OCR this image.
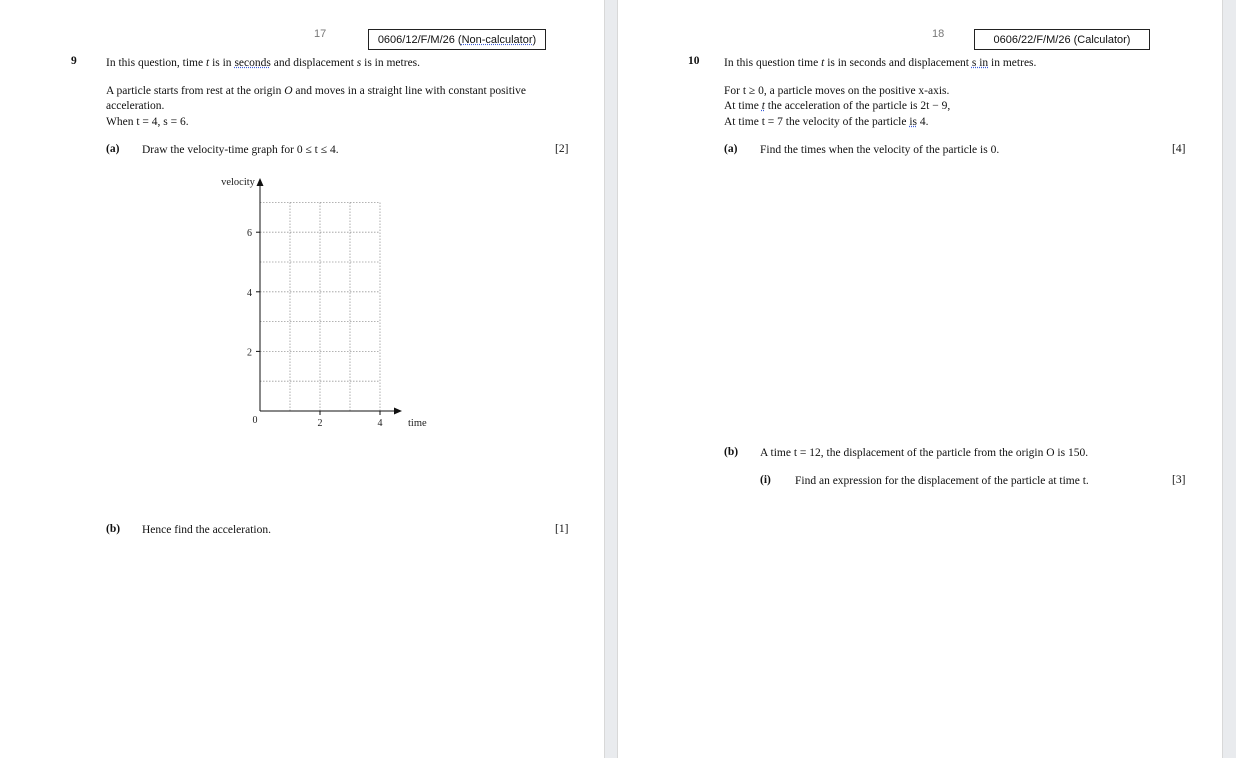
17	0606/12/F/M/26 (Non-calculator)
9	In this question, time t is in seconds and displacement s is in metres.
A particle starts from rest at the origin O and moves in a straight line with constant positive
acceleration.
When t = 4, s = 6.
(a) Draw the velocity-time graph for 0 ≤ t ≤ 4.	[2]
2
4
6
2	4
0
velocity
time
(b) Hence find the acceleration.	[1]
18	0606/22/F/M/26 (Calculator)
10 In this question time t is in seconds and displacement s in in metres.
For t ≥ 0, a particle moves on the positive x-axis.
At time t the acceleration of the particle is 2t − 9,
At time t = 7 the velocity of the particle is 4.
(a) Find the times when the velocity of the particle is 0.	[4]
(b) A time t = 12, the displacement of the particle from the origin O is 150.
(i) Find an expression for the displacement of the particle at time t.	[3]
